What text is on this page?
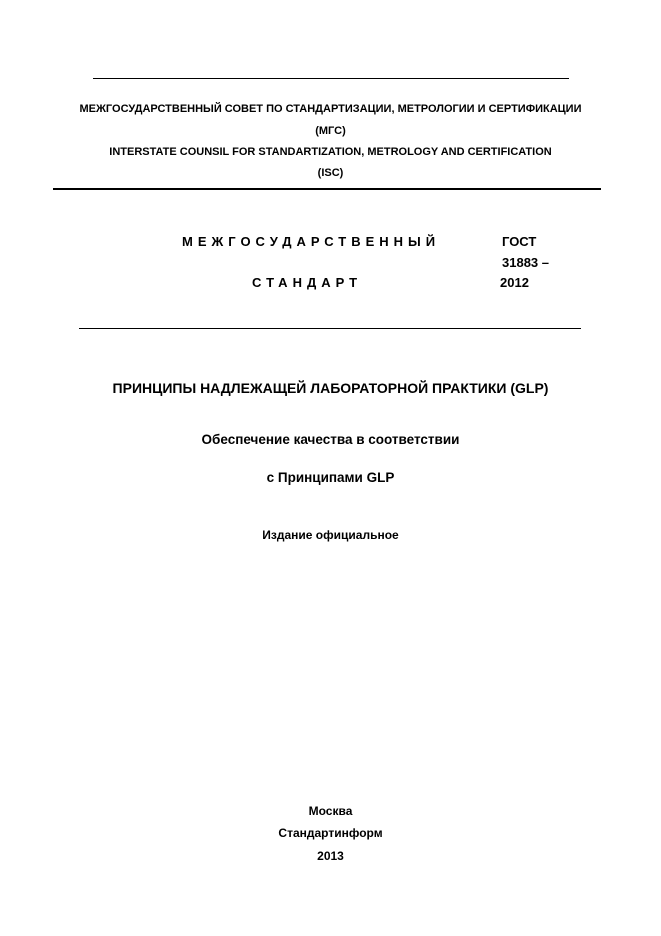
МЕЖГОСУДАРСТВЕННЫЙ СОВЕТ ПО СТАНДАРТИЗАЦИИ, МЕТРОЛОГИИ И СЕРТИФИКАЦИИ
(МГС)
INTERSTATE COUNSIL FOR STANDARTIZATION, METROLOGY AND CERTIFICATION
(ISC)
МЕЖГОСУДАРСТВЕННЫЙ
СТАНДАРТ
ГОСТ
31883 –
2012
ПРИНЦИПЫ НАДЛЕЖАЩЕЙ ЛАБОРАТОРНОЙ ПРАКТИКИ (GLP)
Обеспечение качества в соответствии
с Принципами GLP
Издание официальное
Москва
Стандартинформ
2013
